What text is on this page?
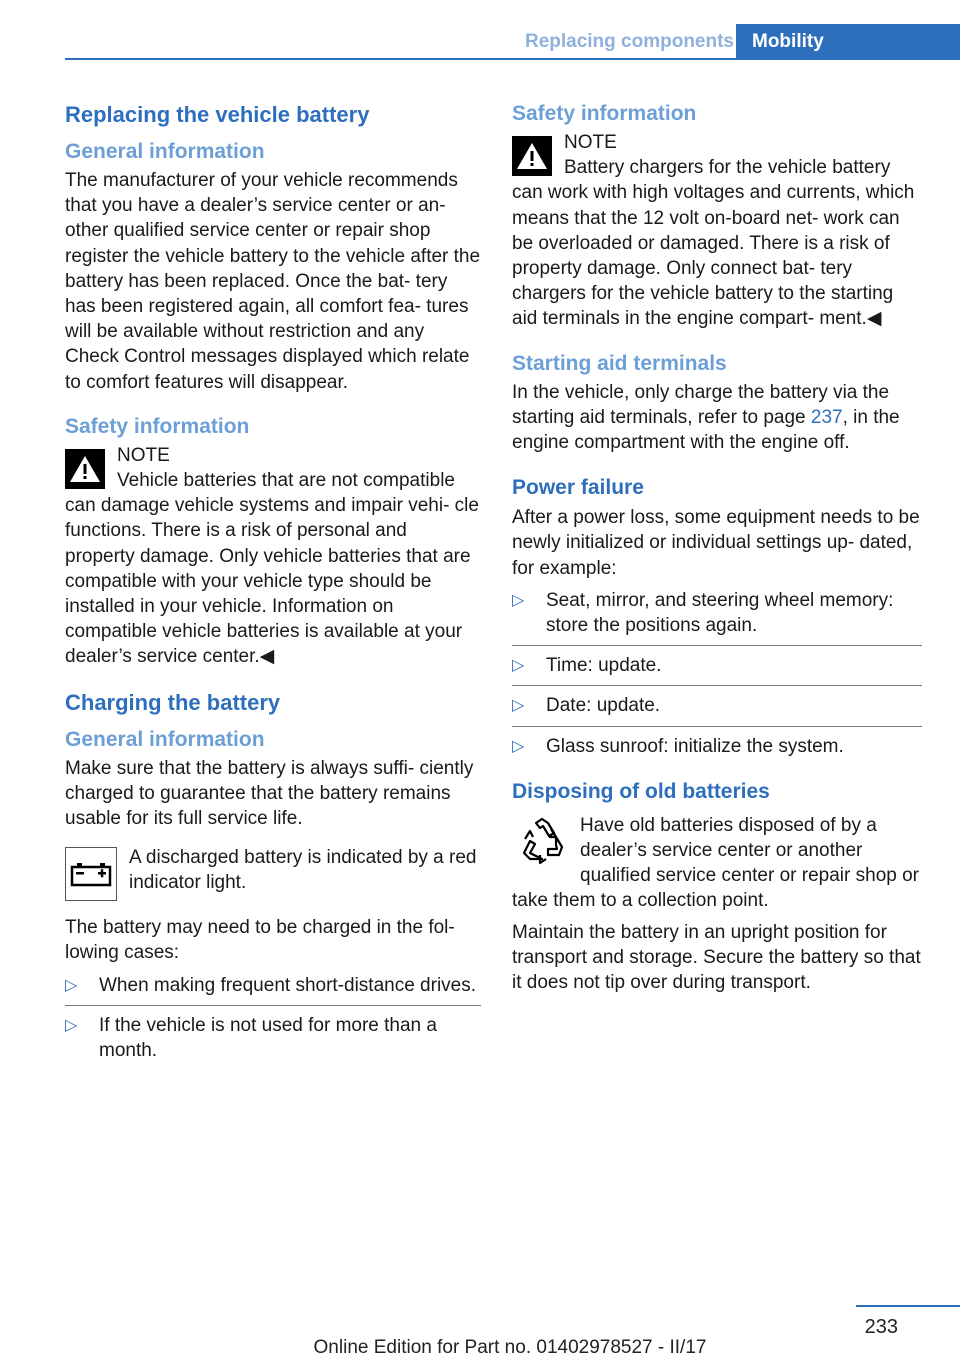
Replacing components Mobility
Replacing the vehicle battery
General information

The manufacturer of your vehicle recommends that you have a dealer’s service center or an‐ other qualified service center or repair shop register the vehicle battery to the vehicle after the battery has been replaced. Once the bat‐ tery has been registered again, all comfort fea‐ tures will be available without restriction and any Check Control messages displayed which relate to comfort features will disappear.

Safety information
NOTE
Vehicle batteries that are not compatible can damage vehicle systems and impair vehi‐ cle functions. There is a risk of personal and property damage. Only vehicle batteries that are compatible with your vehicle type should be installed in your vehicle. Information on compatible vehicle batteries is available at your dealer’s service center.◀
Charging the battery
General information

Make sure that the battery is always suffi‐ ciently charged to guarantee that the battery remains usable for its full service life.

A discharged battery is indicated by a red indicator light.

The battery may need to be charged in the fol‐ lowing cases:

▷ When making frequent short-distance drives.
▷ If the vehicle is not used for more than a month.
Safety information
NOTE
Battery chargers for the vehicle battery can work with high voltages and currents, which means that the 12 volt on-board net‐ work can be overloaded or damaged. There is a risk of property damage. Only connect bat‐ tery chargers for the vehicle battery to the starting aid terminals in the engine compart‐ ment.◀
Starting aid terminals

In the vehicle, only charge the battery via the starting aid terminals, refer to page 237, in the engine compartment with the engine off.

Power failure

After a power loss, some equipment needs to be newly initialized or individual settings up‐ dated, for example:

▷ Seat, mirror, and steering wheel memory: store the positions again.
▷ Time: update.
▷ Date: update.
▷ Glass sunroof: initialize the system.
Disposing of old batteries
Have old batteries disposed of by a dealer’s service center or another qualified service center or repair shop or take them to a collection point.

Maintain the battery in an upright position for transport and storage. Secure the battery so that it does not tip over during transport.

233
Online Edition for Part no. 01402978527 - II/17
